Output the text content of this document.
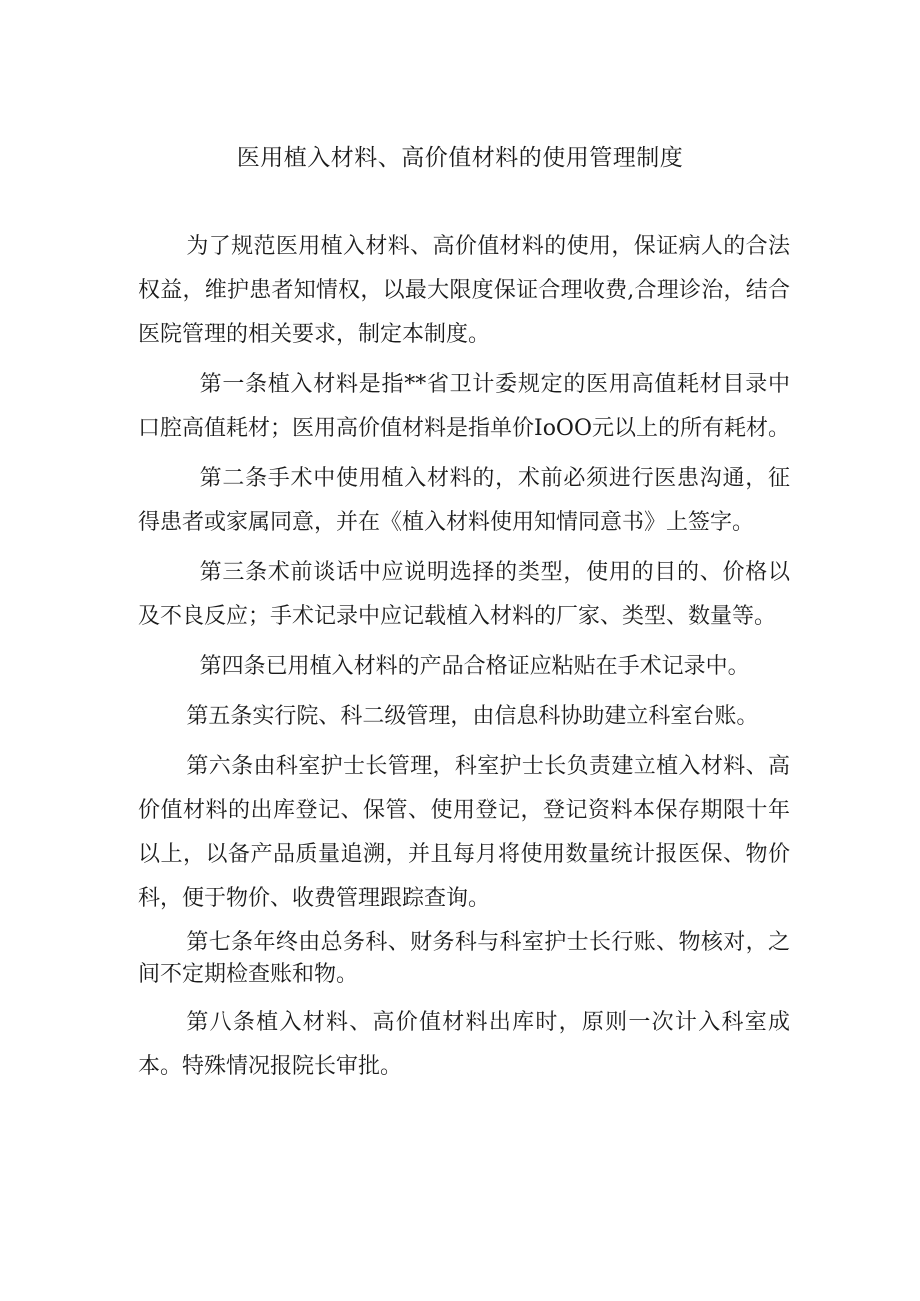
医用植入材料、高价值材料的使用管理制度

为了规范医用植入材料、高价值材料的使用，保证病人的合法权益，维护患者知情权，以最大限度保证合理收费,合理诊治，结合医院管理的相关要求，制定本制度。

第一条植入材料是指**省卫计委规定的医用高值耗材目录中口腔高值耗材；医用高价值材料是指单价IoOO元以上的所有耗材。

第二条手术中使用植入材料的，术前必须进行医患沟通，征得患者或家属同意，并在《植入材料使用知情同意书》上签字。

第三条术前谈话中应说明选择的类型，使用的目的、价格以及不良反应；手术记录中应记载植入材料的厂家、类型、数量等。

第四条已用植入材料的产品合格证应粘贴在手术记录中。

第五条实行院、科二级管理，由信息科协助建立科室台账。

第六条由科室护士长管理，科室护士长负责建立植入材料、高价值材料的出库登记、保管、使用登记，登记资料本保存期限十年以上，以备产品质量追溯，并且每月将使用数量统计报医保、物价科，便于物价、收费管理跟踪查询。

第七条年终由总务科、财务科与科室护士长行账、物核对，之间不定期检查账和物。

第八条植入材料、高价值材料出库时，原则一次计入科室成本。特殊情况报院长审批。
